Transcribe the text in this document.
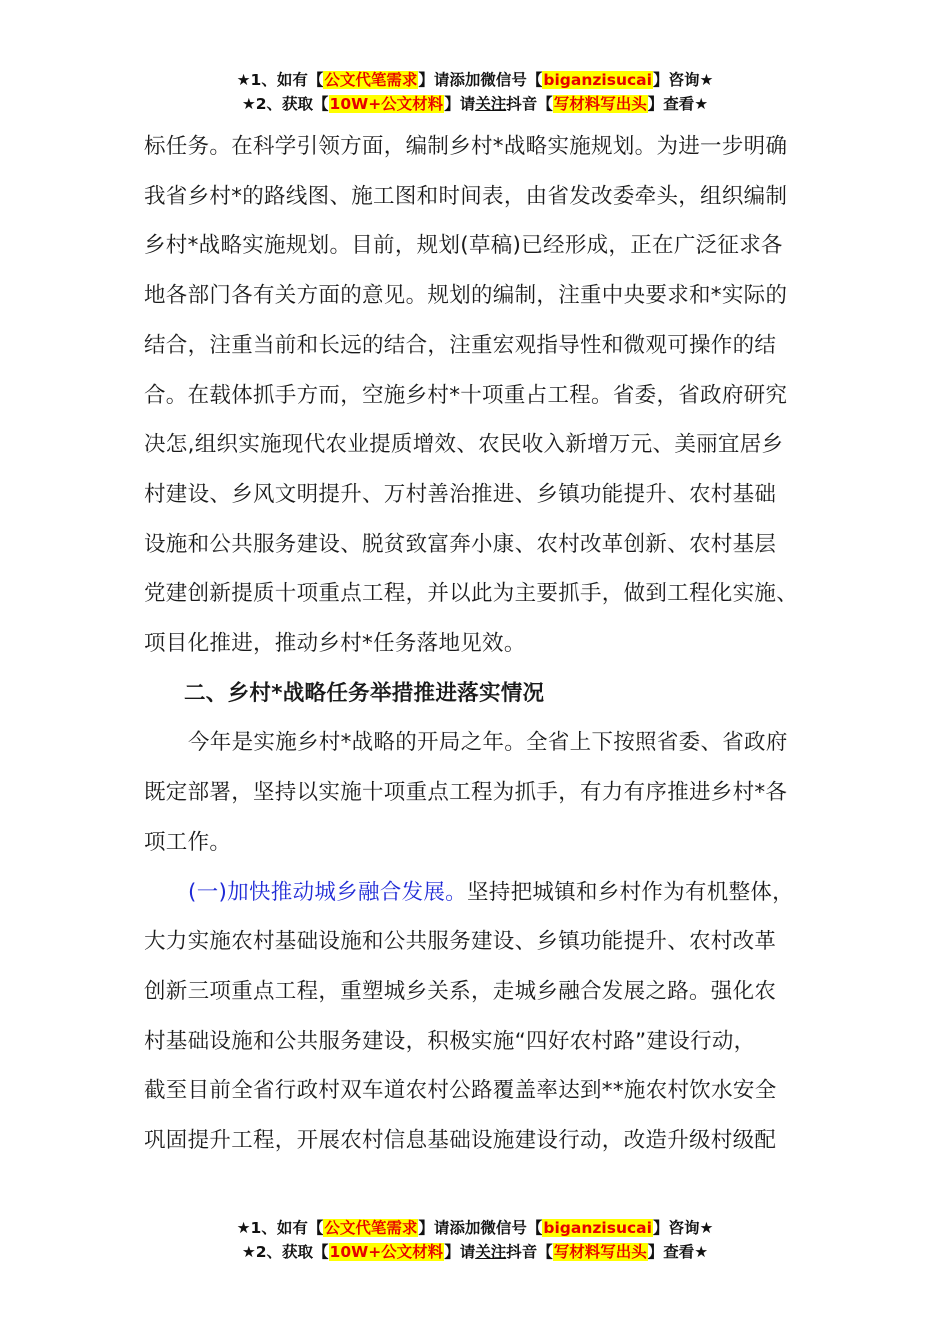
★1、如有【公文代笔需求】请添加微信号【biganzisucai】咨询★
★2、获取【10W+公文材料】请关注抖音【写材料写出头】查看★

标任务。在科学引领方面，编制乡村*战略实施规划。为进一步明确

我省乡村*的路线图、施工图和时间表，由省发改委牵头，组织编制

乡村*战略实施规划。目前，规划(草稿)已经形成，正在广泛征求各

地各部门各有关方面的意见。规划的编制，注重中央要求和*实际的

结合，注重当前和长远的结合，注重宏观指导性和微观可操作的结

合。在载体抓手方而，空施乡村*十项重占工程。省委，省政府研究

决怎,组织实施现代农业提质增效、农民收入新增万元、美丽宜居乡

村建设、乡风文明提升、万村善治推进、乡镇功能提升、农村基础

设施和公共服务建设、脱贫致富奔小康、农村改革创新、农村基层

党建创新提质十项重点工程，并以此为主要抓手，做到工程化实施、

项目化推进，推动乡村*任务落地见效。

二、乡村*战略任务举措推进落实情况

今年是实施乡村*战略的开局之年。全省上下按照省委、省政府

既定部署，坚持以实施十项重点工程为抓手，有力有序推进乡村*各

项工作。

(一)加快推动城乡融合发展。坚持把城镇和乡村作为有机整体，

大力实施农村基础设施和公共服务建设、乡镇功能提升、农村改革

创新三项重点工程，重塑城乡关系，走城乡融合发展之路。强化农

村基础设施和公共服务建设，积极实施“四好农村路”建设行动，

截至目前全省行政村双车道农村公路覆盖率达到**施农村饮水安全

巩固提升工程，开展农村信息基础设施建设行动，改造升级村级配

★1、如有【公文代笔需求】请添加微信号【biganzisucai】咨询★
★2、获取【10W+公文材料】请关注抖音【写材料写出头】查看★
